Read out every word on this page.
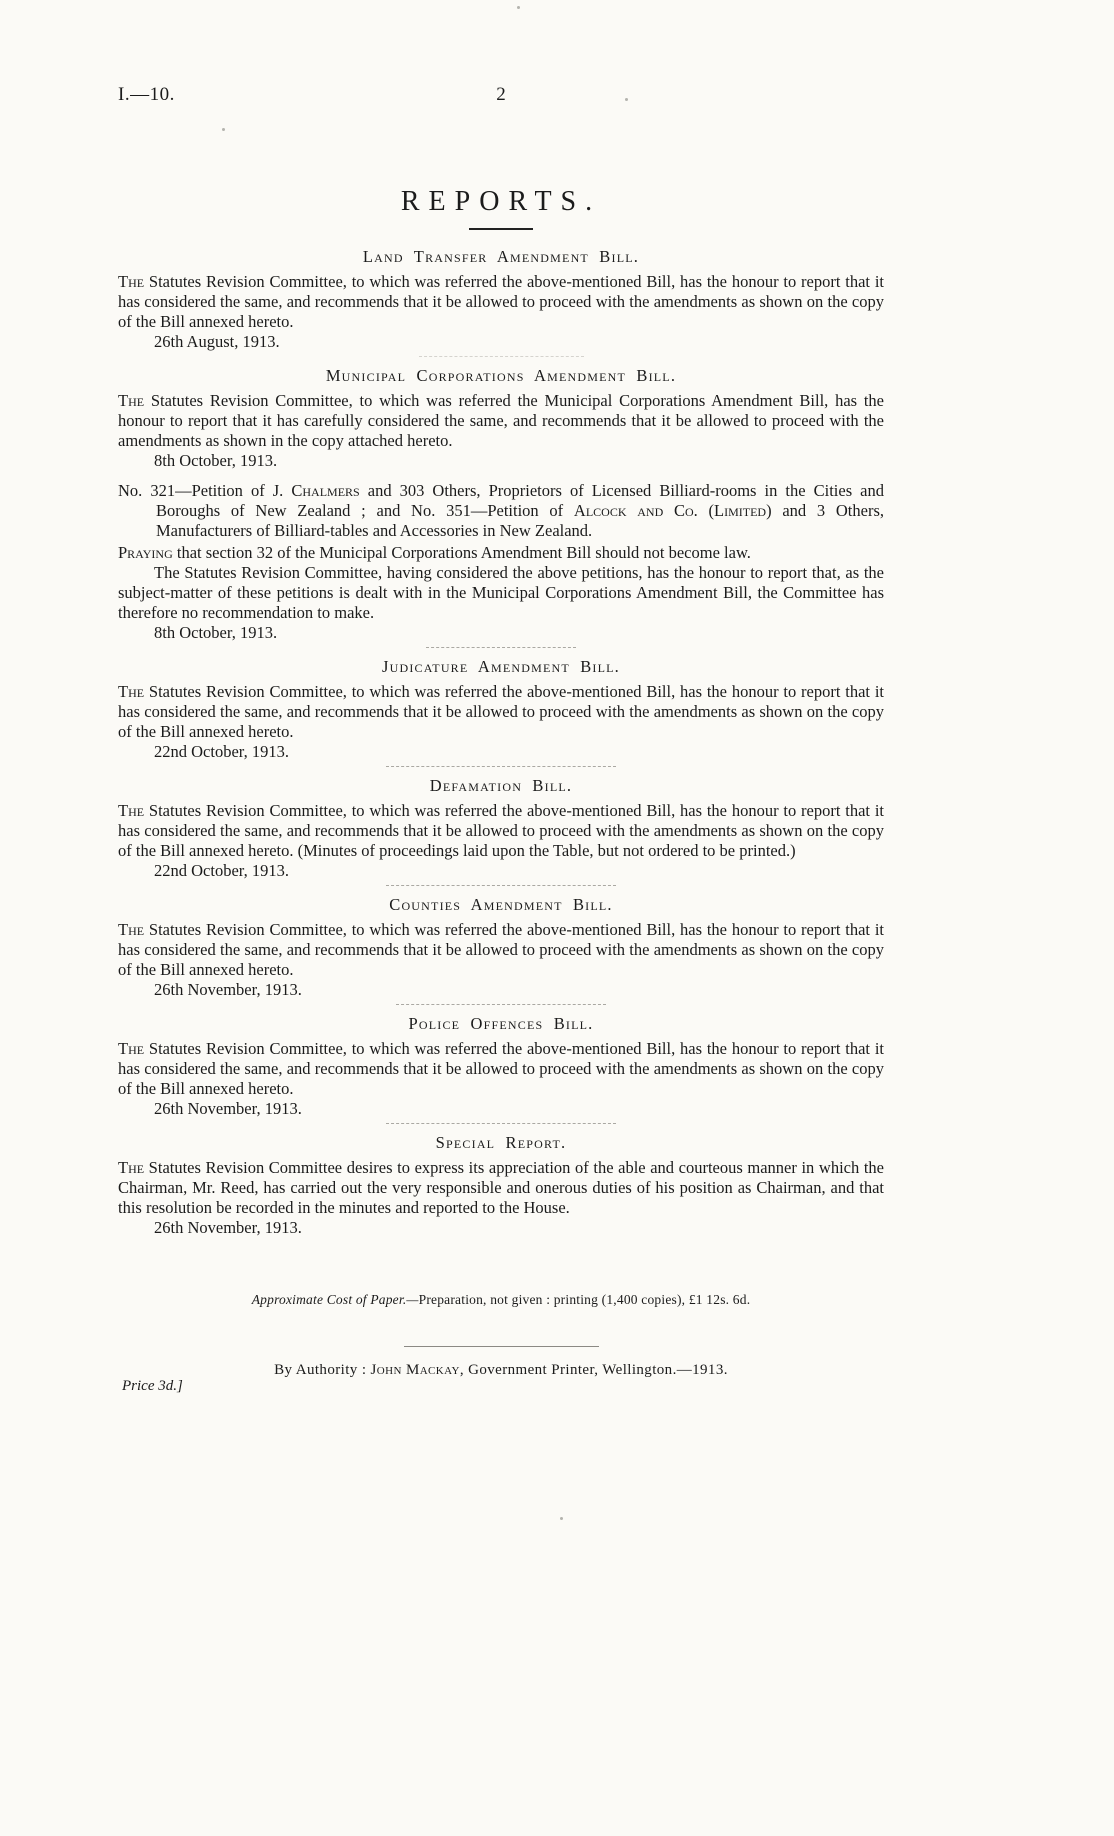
I.—10.	2
REPORTS.
Land Transfer Amendment Bill.

The Statutes Revision Committee, to which was referred the above-mentioned Bill, has the honour to report that it has considered the same, and recommends that it be allowed to proceed with the amendments as shown on the copy of the Bill annexed hereto.

26th August, 1913.

Municipal Corporations Amendment Bill.

The Statutes Revision Committee, to which was referred the Municipal Corporations Amendment Bill, has the honour to report that it has carefully considered the same, and recommends that it be allowed to proceed with the amendments as shown in the copy attached hereto.

8th October, 1913.

No. 321—Petition of J. Chalmers and 303 Others, Proprietors of Licensed Billiard-rooms in the Cities and Boroughs of New Zealand ; and No. 351—Petition of Alcock and Co. (Limited) and 3 Others, Manufacturers of Billiard-tables and Accessories in New Zealand.

Praying that section 32 of the Municipal Corporations Amendment Bill should not become law.

The Statutes Revision Committee, having considered the above petitions, has the honour to report that, as the subject-matter of these petitions is dealt with in the Municipal Corporations Amendment Bill, the Committee has therefore no recommendation to make.

8th October, 1913.

Judicature Amendment Bill.

The Statutes Revision Committee, to which was referred the above-mentioned Bill, has the honour to report that it has considered the same, and recommends that it be allowed to proceed with the amendments as shown on the copy of the Bill annexed hereto.

22nd October, 1913.

Defamation Bill.

The Statutes Revision Committee, to which was referred the above-mentioned Bill, has the honour to report that it has considered the same, and recommends that it be allowed to proceed with the amendments as shown on the copy of the Bill annexed hereto. (Minutes of proceedings laid upon the Table, but not ordered to be printed.)

22nd October, 1913.

Counties Amendment Bill.

The Statutes Revision Committee, to which was referred the above-mentioned Bill, has the honour to report that it has considered the same, and recommends that it be allowed to proceed with the amendments as shown on the copy of the Bill annexed hereto.

26th November, 1913.

Police Offences Bill.

The Statutes Revision Committee, to which was referred the above-mentioned Bill, has the honour to report that it has considered the same, and recommends that it be allowed to proceed with the amendments as shown on the copy of the Bill annexed hereto.

26th November, 1913.

Special Report.

The Statutes Revision Committee desires to express its appreciation of the able and courteous manner in which the Chairman, Mr. Reed, has carried out the very responsible and onerous duties of his position as Chairman, and that this resolution be recorded in the minutes and reported to the House.

26th November, 1913.

Approximate Cost of Paper.—Preparation, not given : printing (1,400 copies), £1 12s. 6d.
By Authority : John Mackay, Government Printer, Wellington.—1913.
Price 3d.]
